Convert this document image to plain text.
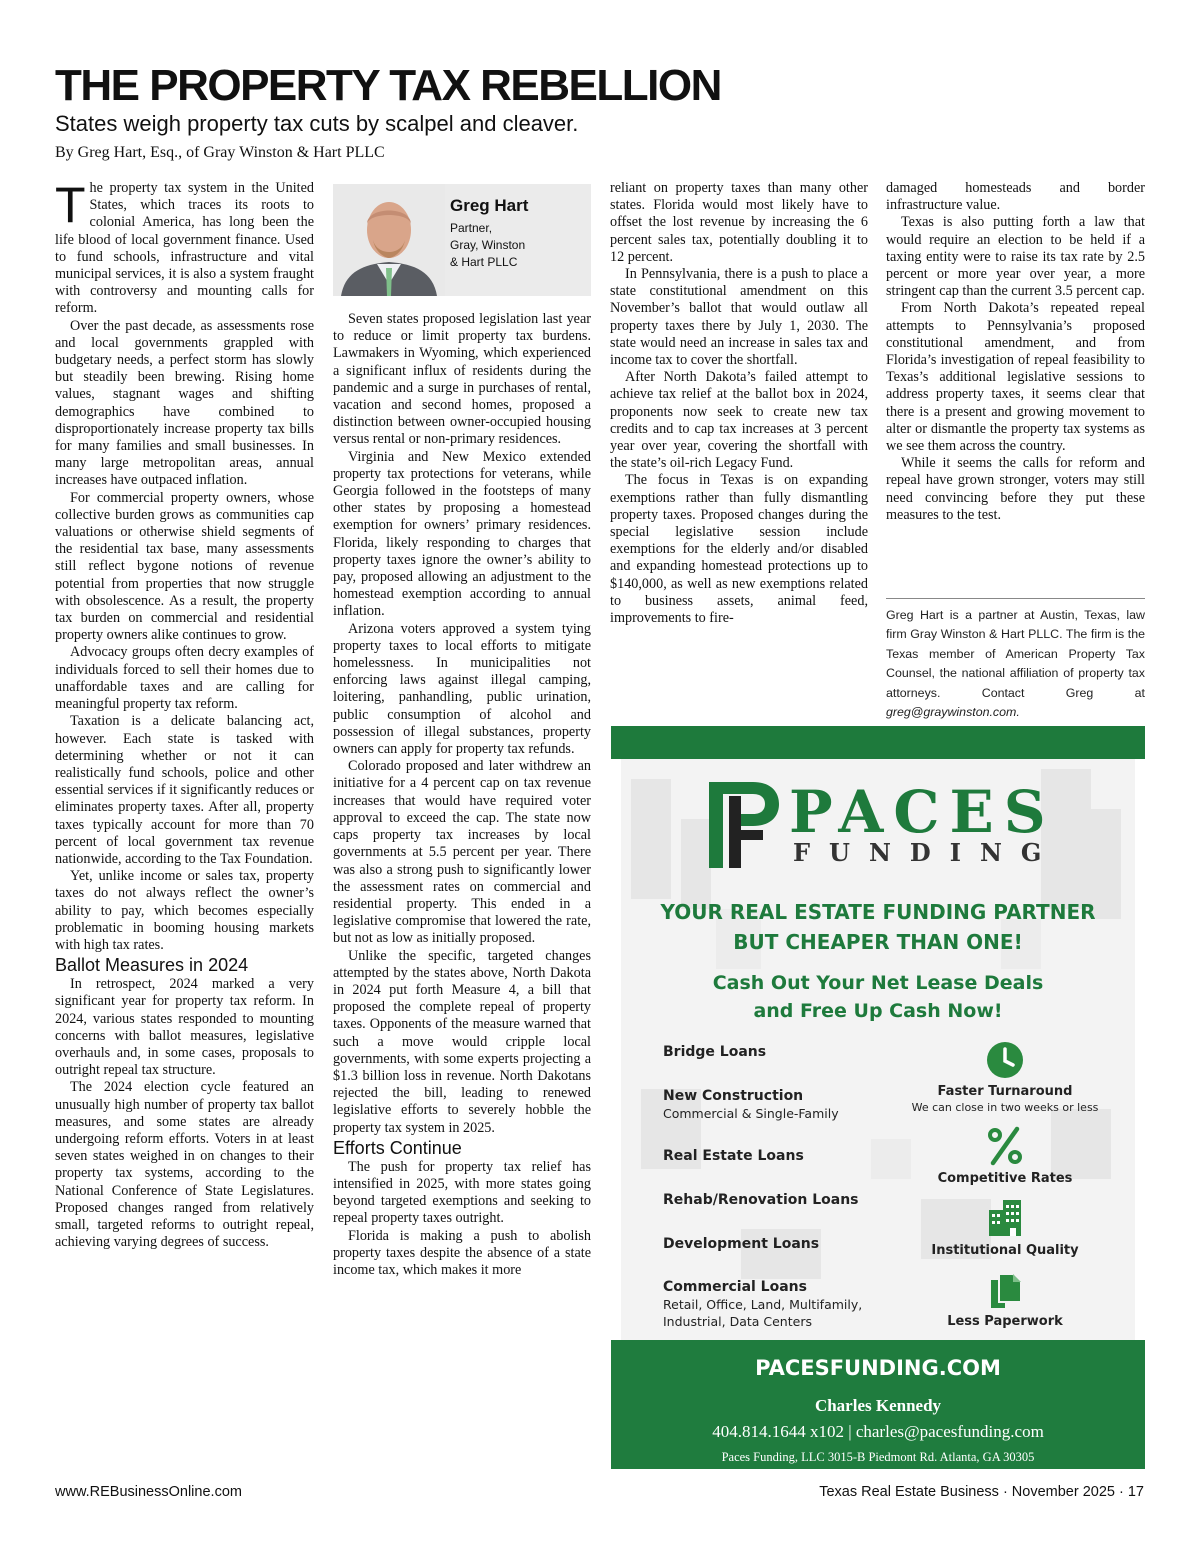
THE PROPERTY TAX REBELLION
States weigh property tax cuts by scalpel and cleaver.
By Greg Hart, Esq., of Gray Winston & Hart PLLC

The property tax system in the United States, which traces its roots to colonial America, has long been the life blood of local government finance. Used to fund schools, infrastructure and vital municipal services, it is also a system fraught with controversy and mounting calls for reform.

Over the past decade, as assessments rose and local governments grappled with budgetary needs, a perfect storm has slowly but steadily been brewing. Rising home values, stagnant wages and shifting demographics have combined to disproportionately increase property tax bills for many families and small businesses. In many large metropolitan areas, annual increases have outpaced inflation.

For commercial property owners, whose collective burden grows as communities cap valuations or otherwise shield segments of the residential tax base, many assessments still reflect bygone notions of revenue potential from properties that now struggle with obsolescence. As a result, the property tax burden on commercial and residential property owners alike continues to grow.

Advocacy groups often decry examples of individuals forced to sell their homes due to unaffordable taxes and are calling for meaningful property tax reform.

Taxation is a delicate balancing act, however. Each state is tasked with determining whether or not it can realistically fund schools, police and other essential services if it significantly reduces or eliminates property taxes. After all, property taxes typically account for more than 70 percent of local government tax revenue nationwide, according to the Tax Foundation.

Yet, unlike income or sales tax, property taxes do not always reflect the owner’s ability to pay, which becomes especially problematic in booming housing markets with high tax rates.

Ballot Measures in 2024

In retrospect, 2024 marked a very significant year for property tax reform. In 2024, various states responded to mounting concerns with ballot measures, legislative overhauls and, in some cases, proposals to outright repeal tax structure.

The 2024 election cycle featured an unusually high number of property tax ballot measures, and some states are already undergoing reform efforts. Voters in at least seven states weighed in on changes to their property tax systems, according to the National Conference of State Legislatures. Proposed changes ranged from relatively small, targeted reforms to outright repeal, achieving varying degrees of success.

Greg Hart
Partner,
Gray, Winston
& Hart PLLC

Seven states proposed legislation last year to reduce or limit property tax burdens. Lawmakers in Wyoming, which experienced a significant influx of residents during the pandemic and a surge in purchases of rental, vacation and second homes, proposed a distinction between owner-occupied housing versus rental or non-primary residences.

Virginia and New Mexico extended property tax protections for veterans, while Georgia followed in the footsteps of many other states by proposing a homestead exemption for owners’ primary residences. Florida, likely responding to charges that property taxes ignore the owner’s ability to pay, proposed allowing an adjustment to the homestead exemption according to annual inflation.

Arizona voters approved a system tying property taxes to local efforts to mitigate homelessness. In municipalities not enforcing laws against illegal camping, loitering, panhandling, public urination, public consumption of alcohol and possession of illegal substances, property owners can apply for property tax refunds.

Colorado proposed and later withdrew an initiative for a 4 percent cap on tax revenue increases that would have required voter approval to exceed the cap. The state now caps property tax increases by local governments at 5.5 percent per year. There was also a strong push to significantly lower the assessment rates on commercial and residential property. This ended in a legislative compromise that lowered the rate, but not as low as initially proposed.

Unlike the specific, targeted changes attempted by the states above, North Dakota in 2024 put forth Measure 4, a bill that proposed the complete repeal of property taxes. Opponents of the measure warned that such a move would cripple local governments, with some experts projecting a $1.3 billion loss in revenue. North Dakotans rejected the bill, leading to renewed legislative efforts to severely hobble the property tax system in 2025.

Efforts Continue

The push for property tax relief has intensified in 2025, with more states going beyond targeted exemptions and seeking to repeal property taxes outright.

Florida is making a push to abolish property taxes despite the absence of a state income tax, which makes it more

reliant on property taxes than many other states. Florida would most likely have to offset the lost revenue by increasing the 6 percent sales tax, potentially doubling it to 12 percent.

In Pennsylvania, there is a push to place a state constitutional amendment on this November’s ballot that would outlaw all property taxes there by July 1, 2030. The state would need an increase in sales tax and income tax to cover the shortfall.

After North Dakota’s failed attempt to achieve tax relief at the ballot box in 2024, proponents now seek to create new tax credits and to cap tax increases at 3 percent year over year, covering the shortfall with the state’s oil-rich Legacy Fund.

The focus in Texas is on expanding exemptions rather than fully dismantling property taxes. Proposed changes during the special legislative session include exemptions for the elderly and/or disabled and expanding homestead protections up to $140,000, as well as new exemptions related to business assets, animal feed, improvements to fire-

damaged homesteads and border infrastructure value.

Texas is also putting forth a law that would require an election to be held if a taxing entity were to raise its tax rate by 2.5 percent or more year over year, a more stringent cap than the current 3.5 percent cap.

From North Dakota’s repeated repeal attempts to Pennsylvania’s proposed constitutional amendment, and from Florida’s investigation of repeal feasibility to Texas’s additional legislative sessions to address property taxes, it seems clear that there is a present and growing movement to alter or dismantle the property tax systems as we see them across the country.

While it seems the calls for reform and repeal have grown stronger, voters may still need convincing before they put these measures to the test.

Greg Hart is a partner at Austin, Texas, law firm Gray Winston & Hart PLLC. The firm is the Texas member of American Property Tax Counsel, the national affiliation of property tax attorneys. Contact Greg at greg@graywinston.com.
PACES
FUNDING
YOUR REAL ESTATE FUNDING PARTNER
BUT CHEAPER THAN ONE!
Cash Out Your Net Lease Deals
and Free Up Cash Now!
Bridge Loans
New Construction
Commercial & Single-Family
Real Estate Loans
Rehab/Renovation Loans
Development Loans
Commercial Loans
Retail, Office, Land, Multifamily,
Industrial, Data Centers
Faster Turnaround
We can close in two weeks or less
Competitive Rates
Institutional Quality
Less Paperwork
PACESFUNDING.COM
Charles Kennedy
404.814.1644 x102 | charles@pacesfunding.com
Paces Funding, LLC 3015-B Piedmont Rd. Atlanta, GA 30305
www.REBusinessOnline.com	Texas Real Estate Business · November 2025 · 17
